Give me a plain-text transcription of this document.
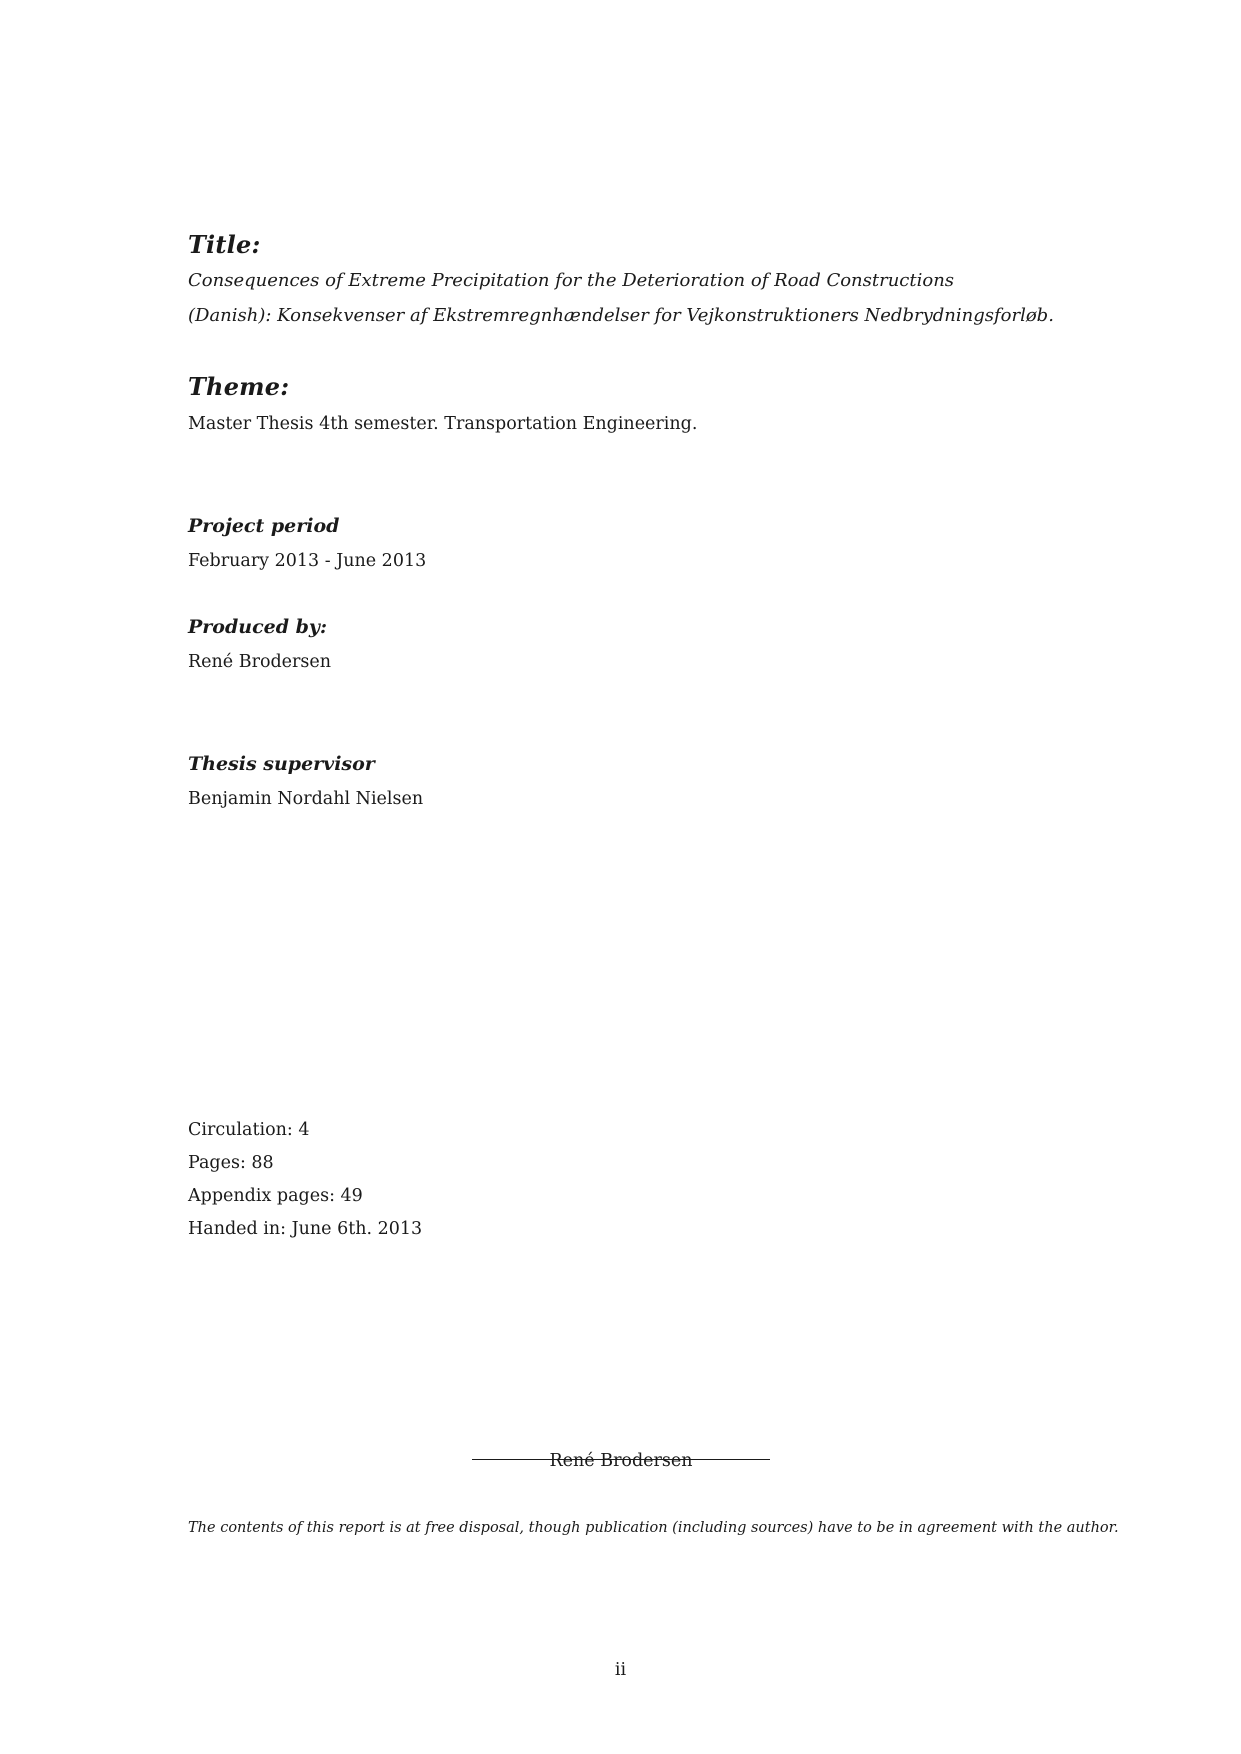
Title:
Consequences of Extreme Precipitation for the Deterioration of Road Constructions
(Danish): Konsekvenser af Ekstremregnhændelser for Vejkonstruktioners Nedbrydningsforløb.
Theme:
Master Thesis 4th semester. Transportation Engineering.
Project period
February 2013 - June 2013
Produced by:
René Brodersen
Thesis supervisor
Benjamin Nordahl Nielsen
Circulation: 4
Pages: 88
Appendix pages: 49
Handed in: June 6th. 2013
René Brodersen
The contents of this report is at free disposal, though publication (including sources) have to be in agreement with the author.
ii
